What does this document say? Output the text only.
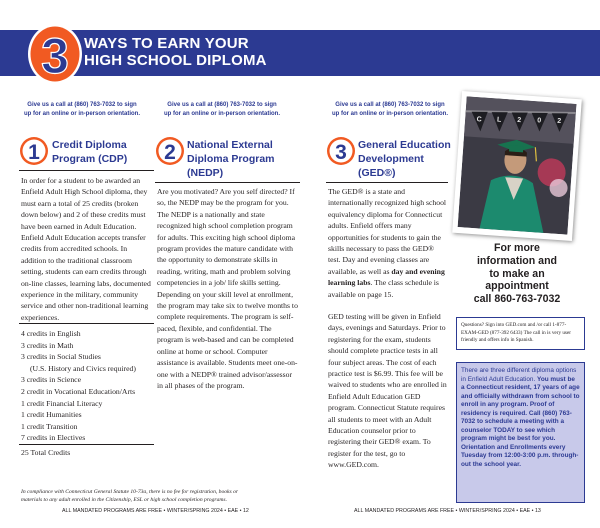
3 WAYS TO EARN YOUR
HIGH SCHOOL DIPLOMA
Give us a call at (860) 763-7032 to sign
up for an online or in-person orientation.
Give us a call at (860) 763-7032 to sign
up for an online or in-person orientation.
Give us a call at (860) 763-7032 to sign
up for an online or in-person orientation.
1 Credit Diploma
Program (CDP)

In order for a student to be awarded an Enfield Adult High School diploma, they must earn a total of 25 credits (broken down below) and 2 of these credits must have been earned in Adult Education. Enfield Adult Education accepts transfer credits from accredited schools. In addition to the traditional classroom setting, students can earn credits through on-line classes, learning labs, documented experience in the military, community service and other non-traditional learning experiences.

4 credits in English
3 credits in Math
3 credits in Social Studies
(U.S. History and Civics required)
3 credits in Science
2 credit in Vocational Education/Arts
1 credit Financial Literacy
1 credit Humanities
1 credit Transition
7 credits in Electives

25 Total Credits

2 National External
Diploma Program
(NEDP)

Are you motivated? Are you self directed? If so, the NEDP may be the program for you. The NEDP is a nationally and state recognized high school completion program for adults. This exciting high school diploma program provides the mature candidate with the opportunity to demonstrate skills in reading, writing, math and problem solving competencies in a job/ life skills setting. Depending on your skill level at enrollment, the program may take six to twelve months to complete requirements. The program is self-paced, flexible, and confidential. The program is web-based and can be completed online at home or school. Computer assistance is available. Students meet one-on-one with a NEDP® trained advisor/assessor in all phases of the program.

3 General Education
Development
(GED®)

The GED® is a state and internationally recognized high school equivalency diploma for Connecticut adults. Enfield offers many opportunities for students to gain the skills necessary to pass the GED® test. Day and evening classes are available, as well as day and evening learning labs. The class schedule is available on page 15.

GED testing will be given in Enfield days, evenings and Saturdays. Prior to registering for the exam, students should complete practice tests in all four subject areas. The cost of each practice test is $6.99. This fee will be waived to students who are enrolled in Enfield Adult Education GED program. Connecticut Statute requires all students to meet with an Adult Education counselor prior to registering their GED® exam. To register for the test, go to www.GED.com.

C L 2 0 2
For more
information and
to make an
appointment
call 860-763-7032
Questions? Sign into GED.com and /or call 1-877-EXAM-GED (877-392 6433) The call in is very user friendly and offers info in Spanish.
There are three different diploma options in Enfield Adult Education. You must be a Connecticut resident, 17 years of age and officially withdrawn from school to enroll in any program. Proof of residency is required. Call (860) 763-7032 to schedule a meeting with a counselor TODAY to see which program might be best for you. Orientation and Enrollments every Tuesday from 12:00-3:00 p.m. through-out the school year.
In compliance with Connecticut General Statute 10-73a, there is no fee for registration, books or
materials to any adult enrolled in the Citizenship, ESL or high school completion programs.
ALL MANDATED PROGRAMS ARE FREE • WINTER/SPRING 2024 • EAE • 12	ALL MANDATED PROGRAMS ARE FREE • WINTER/SPRING 2024 • EAE • 13
